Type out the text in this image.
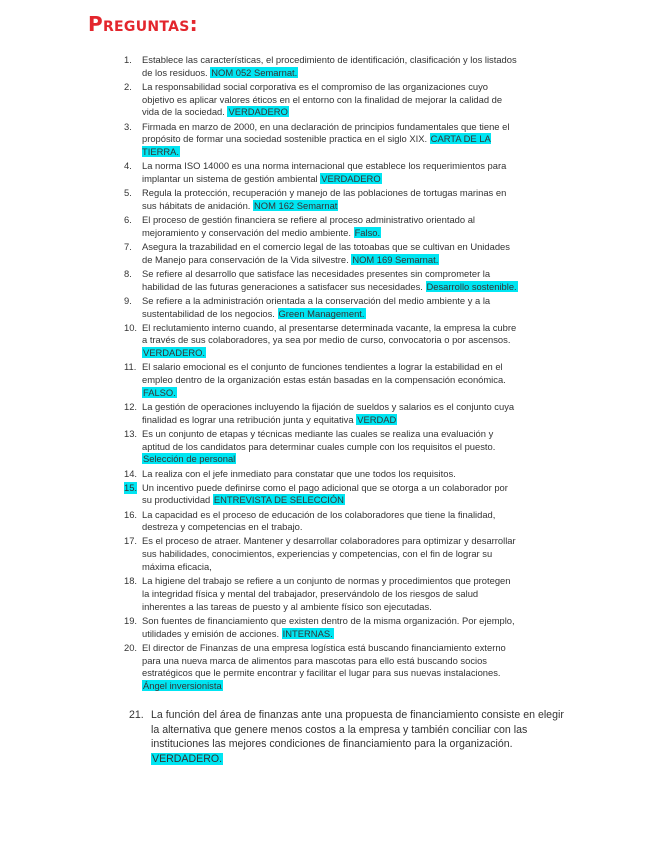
Preguntas:
1. Establece las características, el procedimiento de identificación, clasificación y los listados de los residuos. NOM 052 Semarnat.
2. La responsabilidad social corporativa es el compromiso de las organizaciones cuyo objetivo es aplicar valores éticos en el entorno con la finalidad de mejorar la calidad de vida de la sociedad. VERDADERO
3. Firmada en marzo de 2000, en una declaración de principios fundamentales que tiene el propósito de formar una sociedad sostenible practica en el siglo XIX. CARTA DE LA TIERRA.
4. La norma ISO 14000 es una norma internacional que establece los requerimientos para implantar un sistema de gestión ambiental VERDADERO
5. Regula la protección, recuperación y manejo de las poblaciones de tortugas marinas en sus hábitats de anidación. NOM 162 Semarnat
6. El proceso de gestión financiera se refiere al proceso administrativo orientado al mejoramiento y conservación del medio ambiente. Falso.
7. Asegura la trazabilidad en el comercio legal de las totoabas que se cultivan en Unidades de Manejo para conservación de la Vida silvestre. NOM 169 Semarnat.
8. Se refiere al desarrollo que satisface las necesidades presentes sin comprometer la habilidad de las futuras generaciones a satisfacer sus necesidades. Desarrollo sostenible.
9. Se refiere a la administración orientada a la conservación del medio ambiente y a la sustentabilidad de los negocios. Green Management.
10. El reclutamiento interno cuando, al presentarse determinada vacante, la empresa la cubre a través de sus colaboradores, ya sea por medio de curso, convocatoria o por ascensos. VERDADERO.
11. El salario emocional es el conjunto de funciones tendientes a lograr la estabilidad en el empleo dentro de la organización estas están basadas en la compensación económica. FALSO.
12. La gestión de operaciones incluyendo la fijación de sueldos y salarios es el conjunto cuya finalidad es lograr una retribución junta y equitativa VERDAD
13. Es un conjunto de etapas y técnicas mediante las cuales se realiza una evaluación y aptitud de los candidatos para determinar cuales cumple con los requisitos el puesto. Selección de personal
14. La realiza con el jefe inmediato para constatar que une todos los requisitos.
15. Un incentivo puede definirse como el pago adicional que se otorga a un colaborador por su productividad ENTREVISTA DE SELECCIÓN
16. La capacidad es el proceso de educación de los colaboradores que tiene la finalidad, destreza y competencias en el trabajo.
17. Es el proceso de atraer. Mantener y desarrollar colaboradores para optimizar y desarrollar sus habilidades, conocimientos, experiencias y competencias, con el fin de lograr su máxima eficacia,
18. La higiene del trabajo se refiere a un conjunto de normas y procedimientos que protegen la integridad física y mental del trabajador, preservándolo de los riesgos de salud inherentes a las tareas de puesto y al ambiente físico son ejecutadas.
19. Son fuentes de financiamiento que existen dentro de la misma organización. Por ejemplo, utilidades y emisión de acciones. INTERNAS.
20. El director de Finanzas de una empresa logística está buscando financiamiento externo para una nueva marca de alimentos para mascotas para ello está buscando socios estratégicos que le permite encontrar y facilitar el lugar para sus nuevas instalaciones. Ángel inversionista
21. La función del área de finanzas ante una propuesta de financiamiento consiste en elegir la alternativa que genere menos costos a la empresa y también conciliar con las instituciones las mejores condiciones de financiamiento para la organización. VERDADERO.
